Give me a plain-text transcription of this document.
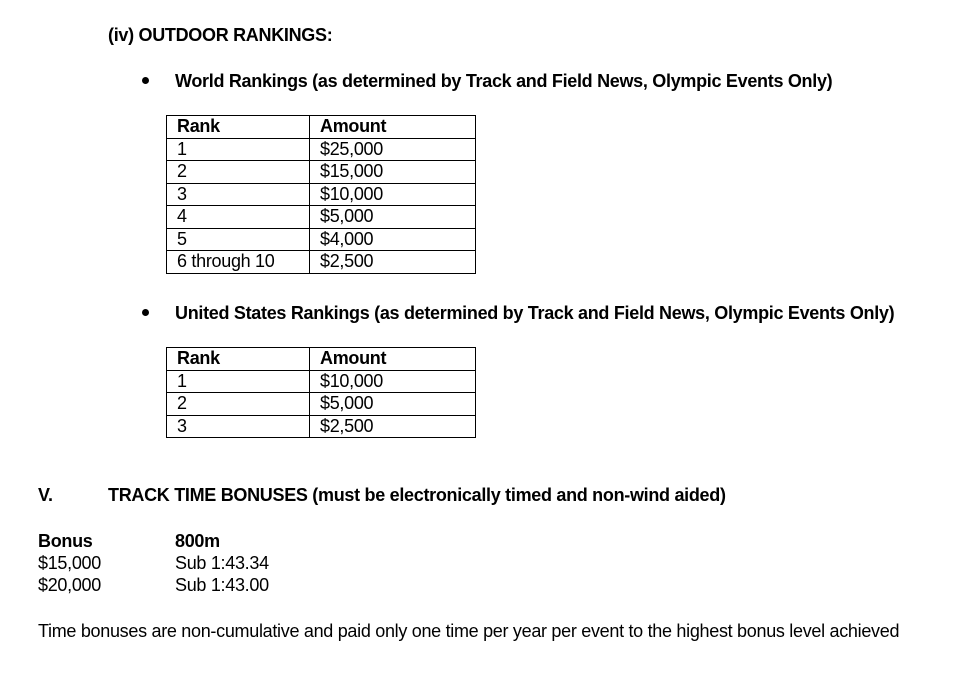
(iv) OUTDOOR RANKINGS:
World Rankings (as determined by Track and Field News, Olympic Events Only)
Rank	Amount
1	$25,000
2	$15,000
3	$10,000
4	$5,000
5	$4,000
6 through 10	$2,500
United States Rankings (as determined by Track and Field News, Olympic Events Only)
Rank	Amount
1	$10,000
2	$5,000
3	$2,500
V.	TRACK TIME BONUSES (must be electronically timed and non-wind aided)
Bonus	800m
$15,000	Sub 1:43.34
$20,000	Sub 1:43.00
Time bonuses are non-cumulative and paid only one time per year per event to the highest bonus level achieved
